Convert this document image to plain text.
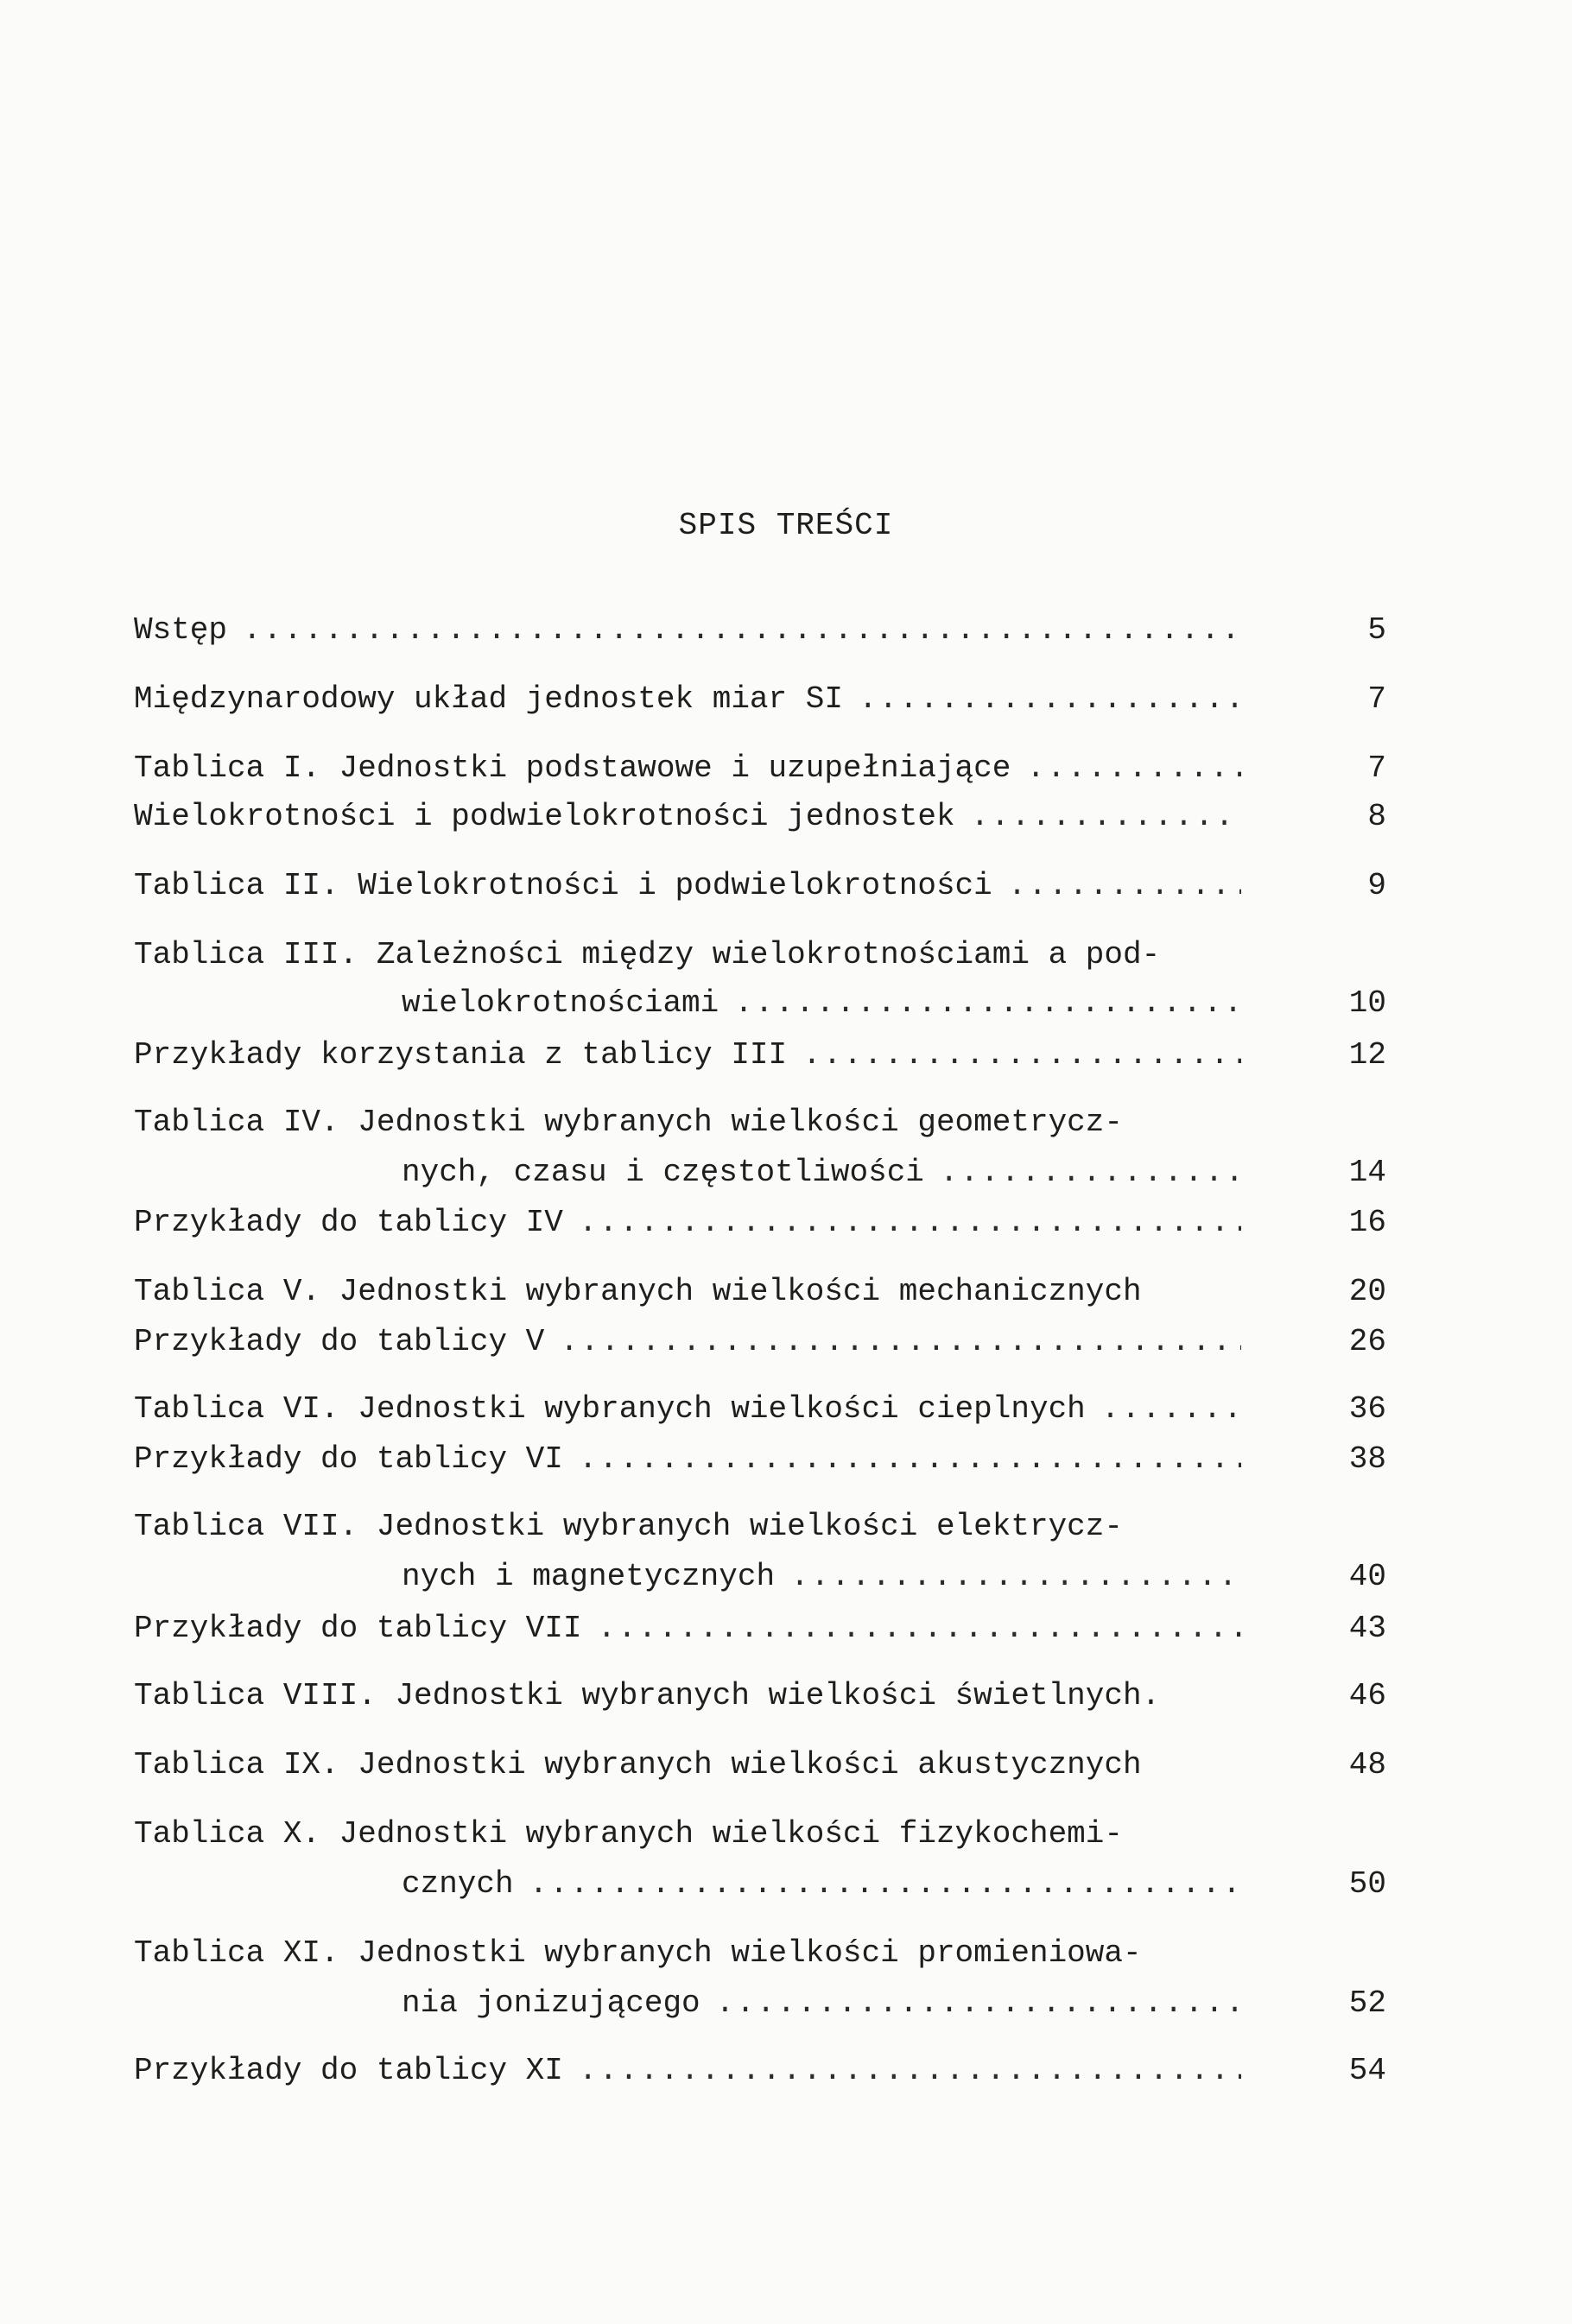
SPIS TREŚCI
Wstęp .....	5
Międzynarodowy układ jednostek miar SI .....	7
Tablica I. Jednostki podstawowe i uzupełniające .....	7
Wielokrotności i podwielokrotności jednostek .....	8
Tablica II. Wielokrotności i podwielokrotności .....	9
Tablica III. Zależności między wielokrotnościami a pod-
wielokrotnościami .....	10
Przykłady korzystania z tablicy III .....	12
Tablica IV. Jednostki wybranych wielkości geometrycz-
nych, czasu i częstotliwości .....	14
Przykłady do tablicy IV .....	16
Tablica V. Jednostki wybranych wielkości mechanicznych	20
Przykłady do tablicy V .....	26
Tablica VI. Jednostki wybranych wielkości cieplnych .....	36
Przykłady do tablicy VI .....	38
Tablica VII. Jednostki wybranych wielkości elektrycz-
nych i magnetycznych .....	40
Przykłady do tablicy VII .....	43
Tablica VIII. Jednostki wybranych wielkości świetlnych.	46
Tablica IX. Jednostki wybranych wielkości akustycznych	48
Tablica X. Jednostki wybranych wielkości fizykochemi-
cznych .....	50
Tablica XI. Jednostki wybranych wielkości promieniowa-
nia jonizującego .....	52
Przykłady do tablicy XI .....	54
